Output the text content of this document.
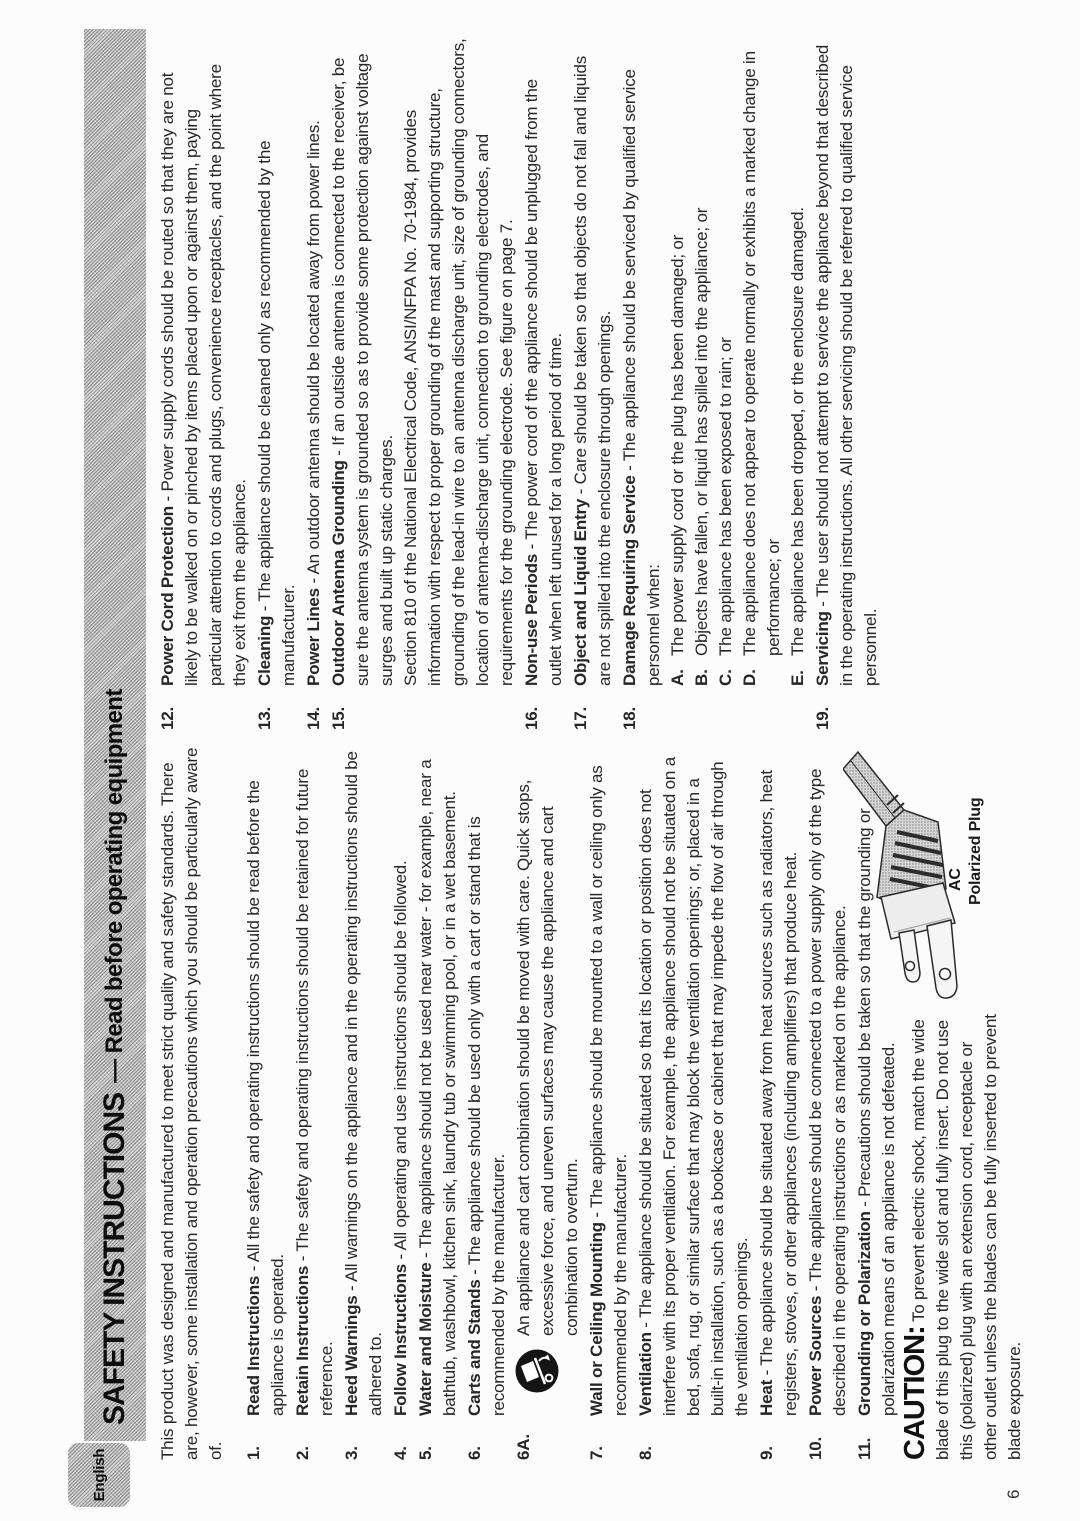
English
SAFETY INSTRUCTIONS
— Read before operating equipment This product was designed and manufactured to meet strict quality and safety standards. There are, however, some installation and operation precautions which you should be particularly aware of. 1.
Read Instructions - All the safety and operating instructions should be read before the appliance is operated.
2.
Retain Instructions - The safety and operating instructions should be retained for future reference.
3.
Heed Warnings - All warnings on the appliance and in the operating instructions should be adhered to.
4.
Follow Instructions - All operating and use instructions should be followed.
5.
Water and Moisture - The appliance should not be used near water - for example, near a bathtub, washbowl, kitchen sink, laundry tub or swimming pool, or in a wet basement.
6.
Carts and Stands - The appliance should be used only with a cart or stand that is recommended by the manufacturer.
6A.
An appliance and cart combination should be moved with care. Quick stops, excessive force, and uneven surfaces may cause the appliance and cart combination to overturn.
7.
Wall or Ceiling Mounting - The appliance should be mounted to a wall or ceiling only as recommended by the manufacturer.
8.
Ventilation - The appliance should be situated so that its location or position does not interfere with its proper ventilation. For example, the appliance should not be situated on a bed, sofa, rug, or similar surface that may block the ventilation openings; or, placed in a built-in installation, such as a bookcase or cabinet that may impede the flow of air through the ventilation openings.
9.
Heat - The appliance should be situated away from heat sources such as radiators, heat registers, stoves, or other appliances (including amplifiers) that produce heat.
10.
Power Sources - The appliance should be connected to a power supply only of the type described in the operating instructions or as marked on the appliance.
11.
Grounding or Polarization - Precautions should be taken so that the grounding or polarization means of an appliance is not defeated. CAUTION: To prevent electric shock, match the wide blade of this plug to the wide slot and fully insert. Do not use this (polarized) plug with an extension cord, receptacle or other outlet unless the blades can be fully inserted to prevent blade exposure.
12.
Power Cord Protection - Power supply cords should be routed so that they are not likely to be walked on or pinched by items placed upon or against them, paying particular attention to cords and plugs, convenience receptacles, and the point where they exit from the appliance.
13.
Cleaning - The appliance should be cleaned only as recommended by the manufacturer.
14.
Power Lines - An outdoor antenna should be located away from power lines.
15.
Outdoor Antenna Grounding - If an outside antenna is connected to the receiver, be sure the antenna system is grounded so as to provide some protection against voltage surges and built up static charges. Section 810 of the National Electrical Code, ANSI/NFPA No. 70-1984, provides information with respect to proper grounding of the mast and supporting structure, grounding of the lead-in wire to an antenna discharge unit, size of grounding connectors, location of antenna-discharge unit, connection to grounding electrodes, and requirements for the grounding electrode. See figure on page 7.
16.
Non-use Periods - The power cord of the appliance should be unplugged from the outlet when left unused for a long period of time.
17.
Object and Liquid Entry - Care should be taken so that objects do not fall and liquids are not spilled into the enclosure through openings.
18.
Damage Requiring Service - The appliance should be serviced by qualified service personnel when: A.
The power supply cord or the plug has been damaged; or
B.
Objects have fallen, or liquid has spilled into the appliance; or
C.
The appliance has been exposed to rain; or
D.
The appliance does not appear to operate normally or exhibits a marked change in performance; or
E.
The appliance has been dropped, or the enclosure damaged.
19.
Servicing - The user should not attempt to service the appliance beyond that described in the operating instructions. All other servicing should be referred to qualified service personnel.
AC Polarized Plug
6
